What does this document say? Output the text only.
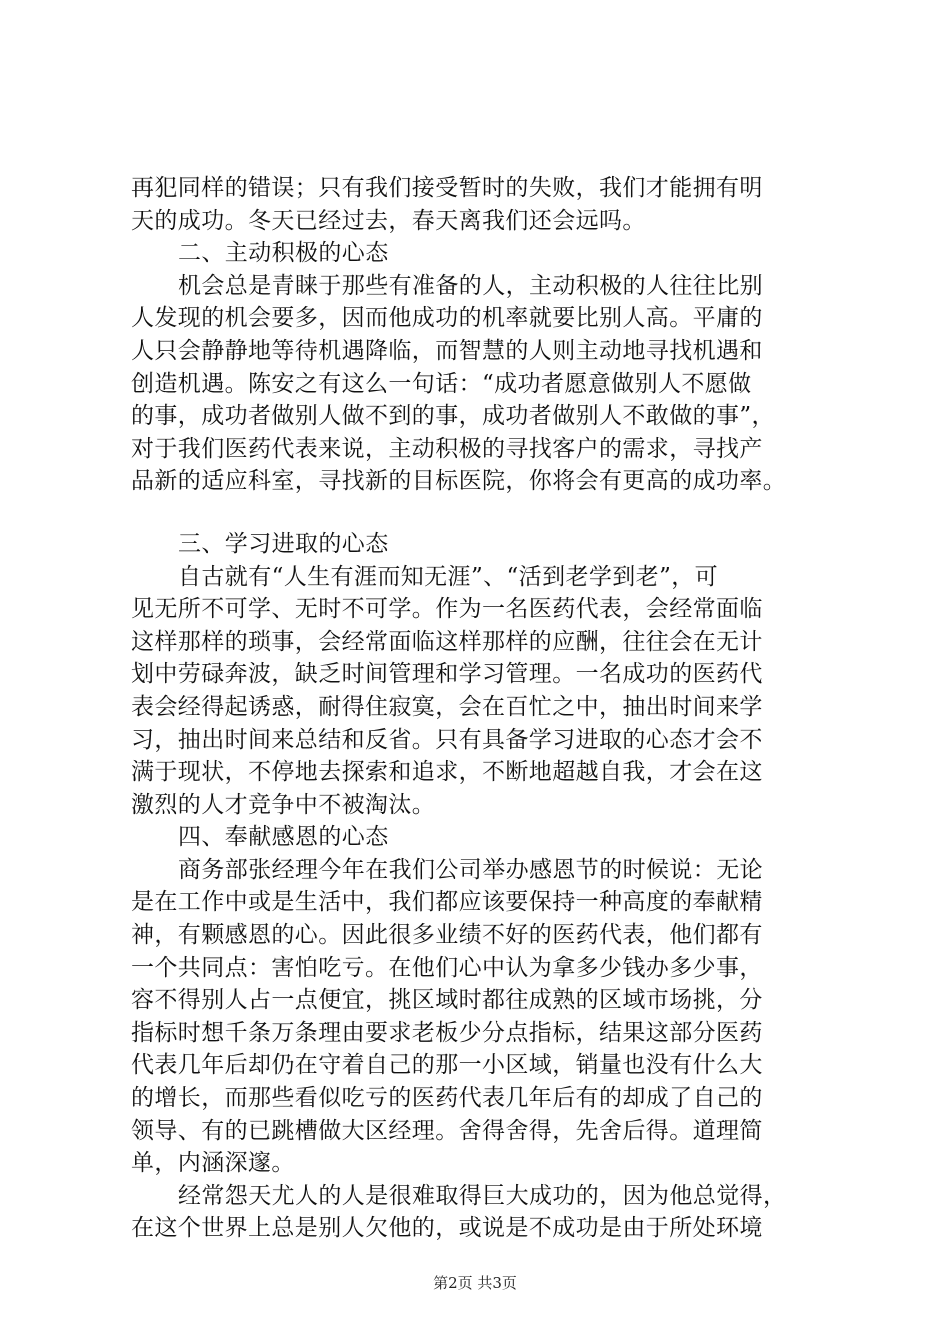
再犯同样的错误；只有我们接受暂时的失败，我们才能拥有明
天的成功。冬天已经过去，春天离我们还会远吗。
二、主动积极的心态
机会总是青睐于那些有准备的人，主动积极的人往往比别
人发现的机会要多，因而他成功的机率就要比别人高。平庸的
人只会静静地等待机遇降临，而智慧的人则主动地寻找机遇和
创造机遇。陈安之有这么一句话：“成功者愿意做别人不愿做
的事，成功者做别人做不到的事，成功者做别人不敢做的事”，
对于我们医药代表来说，主动积极的寻找客户的需求，寻找产
品新的适应科室，寻找新的目标医院，你将会有更高的成功率。
三、学习进取的心态
自古就有“人生有涯而知无涯”、“活到老学到老”，可
见无所不可学、无时不可学。作为一名医药代表，会经常面临
这样那样的琐事，会经常面临这样那样的应酬，往往会在无计
划中劳碌奔波，缺乏时间管理和学习管理。一名成功的医药代
表会经得起诱惑，耐得住寂寞，会在百忙之中，抽出时间来学
习，抽出时间来总结和反省。只有具备学习进取的心态才会不
满于现状，不停地去探索和追求，不断地超越自我，才会在这
激烈的人才竞争中不被淘汰。
四、奉献感恩的心态
商务部张经理今年在我们公司举办感恩节的时候说：无论
是在工作中或是生活中，我们都应该要保持一种高度的奉献精
神，有颗感恩的心。因此很多业绩不好的医药代表，他们都有
一个共同点：害怕吃亏。在他们心中认为拿多少钱办多少事，
容不得别人占一点便宜，挑区域时都往成熟的区域市场挑，分
指标时想千条万条理由要求老板少分点指标，结果这部分医药
代表几年后却仍在守着自己的那一小区域，销量也没有什么大
的增长，而那些看似吃亏的医药代表几年后有的却成了自己的
领导、有的已跳槽做大区经理。舍得舍得，先舍后得。道理简
单，内涵深邃。
经常怨天尤人的人是很难取得巨大成功的，因为他总觉得，
在这个世界上总是别人欠他的，或说是不成功是由于所处环境
第2页 共3页
